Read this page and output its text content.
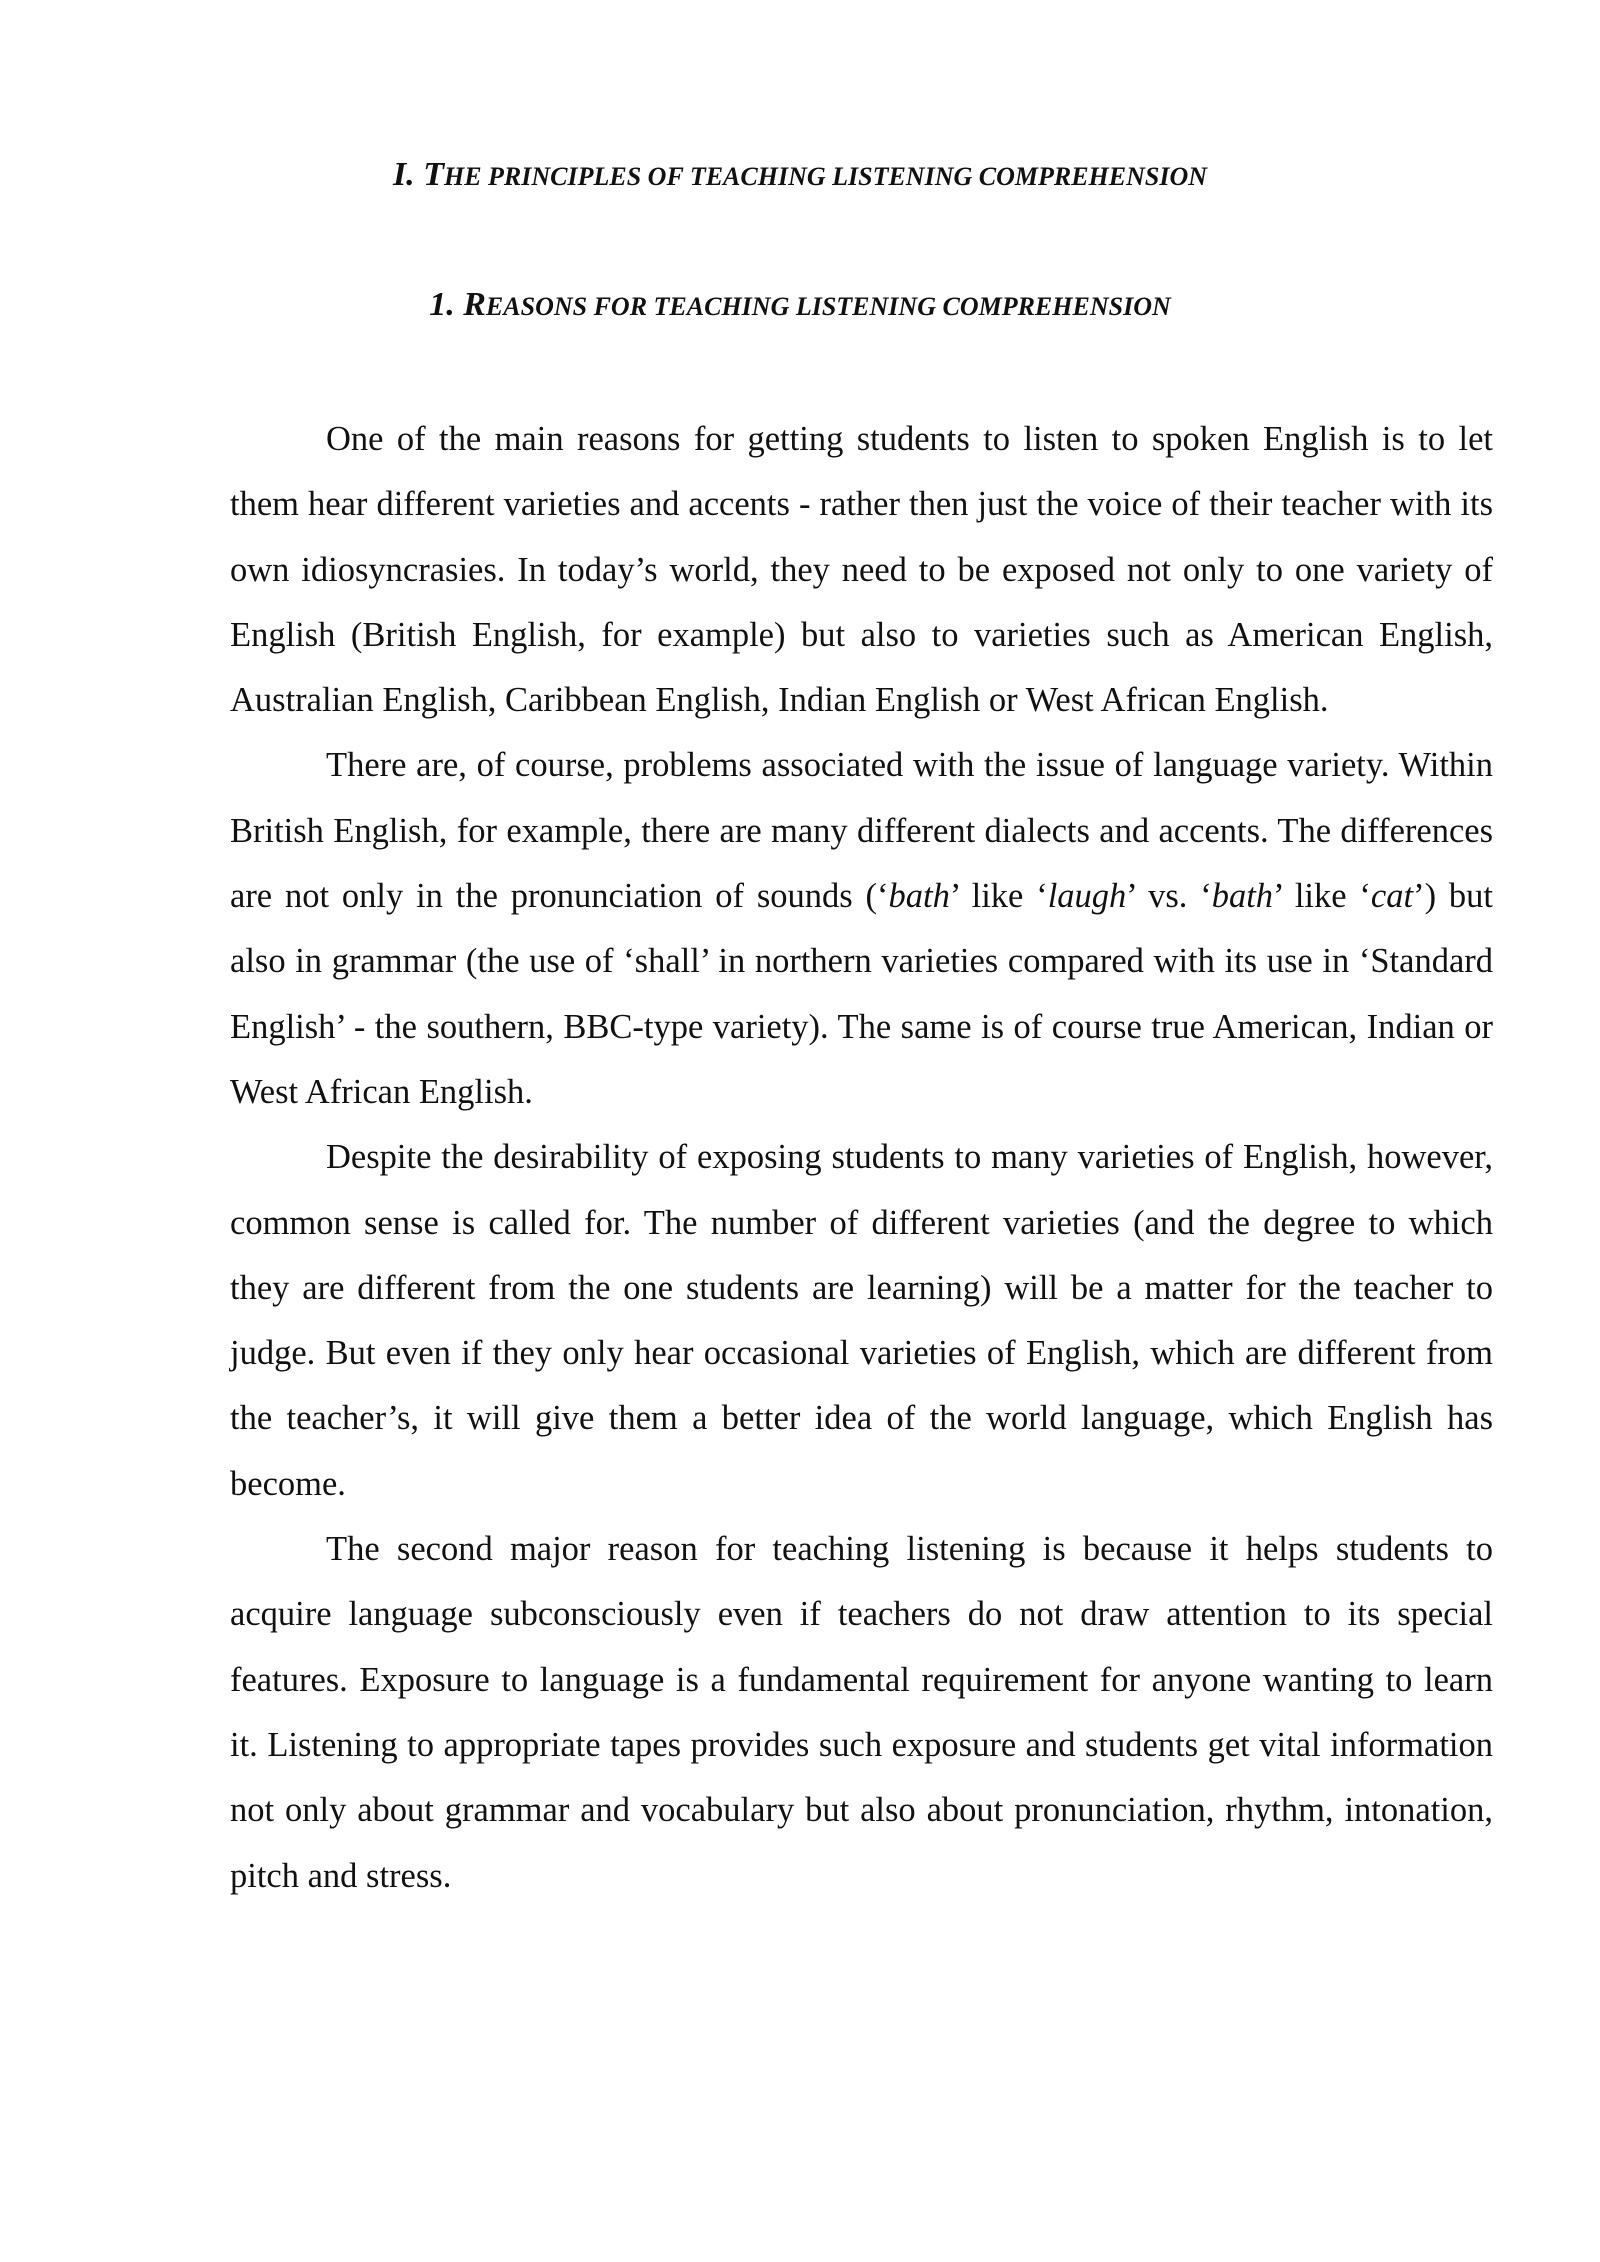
I. THE PRINCIPLES OF TEACHING LISTENING COMPREHENSION
1. REASONS FOR TEACHING LISTENING COMPREHENSION

One of the main reasons for getting students to listen to spoken English is to let them hear different varieties and accents - rather then just the voice of their teacher with its own idiosyncrasies. In today’s world, they need to be exposed not only to one variety of English (British English, for example) but also to varieties such as American English, Australian English, Caribbean English, Indian English or West African English.

There are, of course, problems associated with the issue of language variety. Within British English, for example, there are many different dialects and accents. The differences are not only in the pronunciation of sounds (‘bath’ like ‘laugh’ vs. ‘bath’ like ‘cat’) but also in grammar (the use of ‘shall’ in northern varieties compared with its use in ‘Standard English’ - the southern, BBC-type variety). The same is of course true American, Indian or West African English.

Despite the desirability of exposing students to many varieties of English, however, common sense is called for. The number of different varieties (and the degree to which they are different from the one students are learning) will be a matter for the teacher to judge. But even if they only hear occasional varieties of English, which are different from the teacher’s, it will give them a better idea of the world language, which English has become.

The second major reason for teaching listening is because it helps students to acquire language subconsciously even if teachers do not draw attention to its special features. Exposure to language is a fundamental requirement for anyone wanting to learn it. Listening to appropriate tapes provides such exposure and students get vital information not only about grammar and vocabulary but also about pronunciation, rhythm, intonation, pitch and stress.
